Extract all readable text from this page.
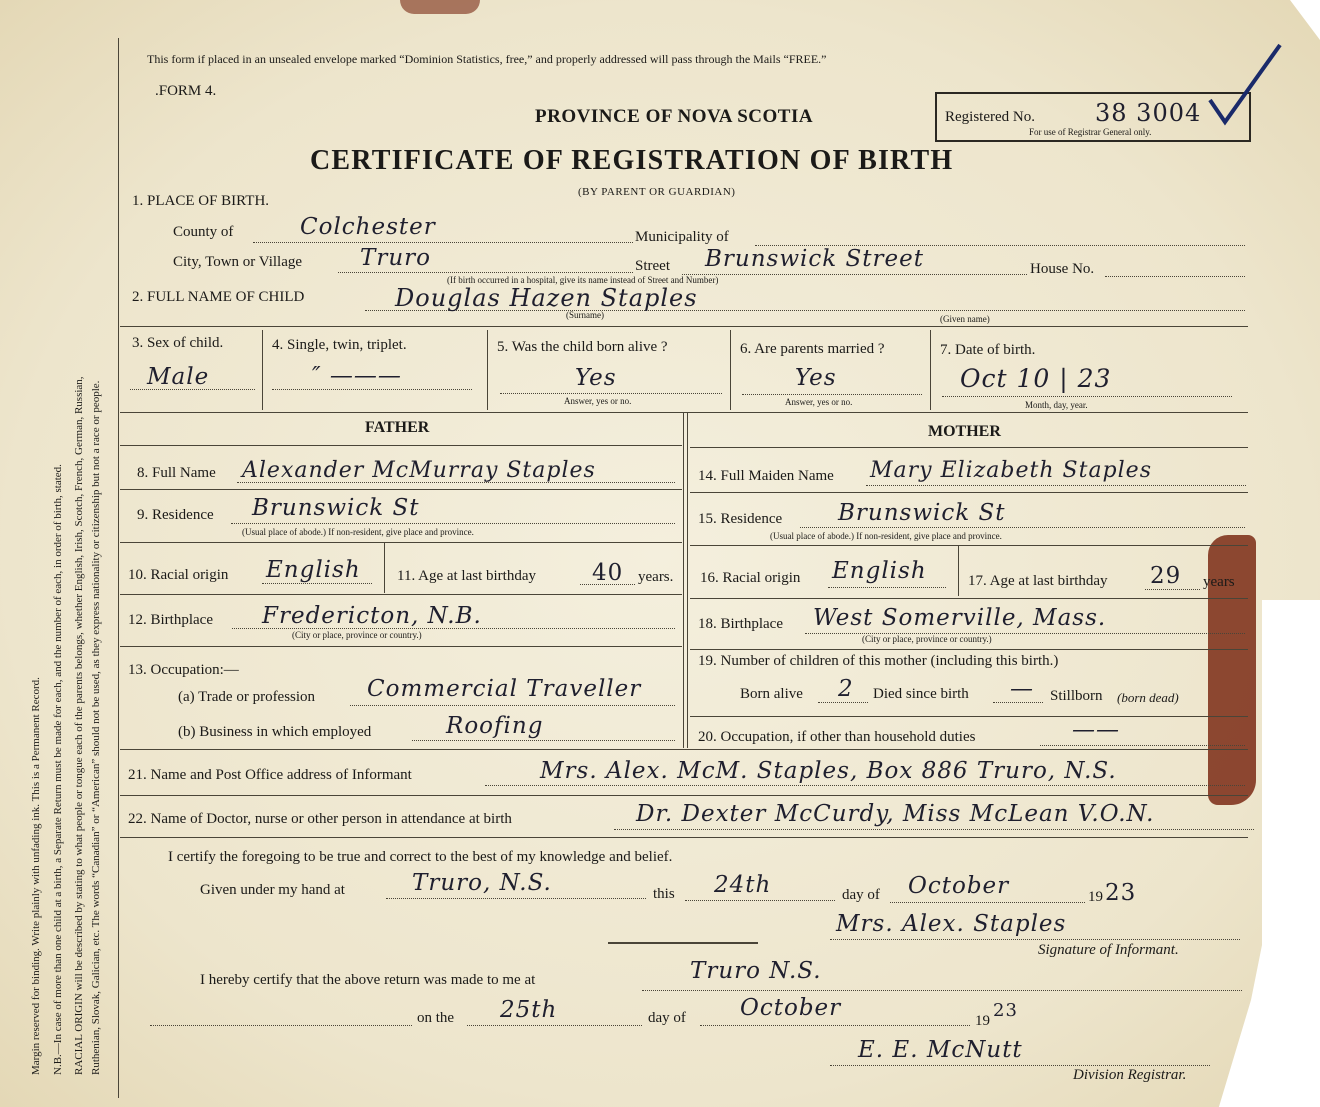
Margin reserved for binding. Write plainly with unfading ink. This is a Permanent Record. N.B.—In case of more than one child at a birth, a Separate Return must be made for each, and the number of each, in order of birth, stated. RACIAL ORIGIN will be described by stating to what people or tongue each of the parents belongs, whether English, Irish, Scotch, French, German, Russian, Ruthenian, Slovak, Galician, etc. The words “Canadian” or “American” should not be used, as they express nationality or citizenship but not a race or people.
This form if placed in an unsealed envelope marked “Dominion Statistics, free,” and properly addressed will pass through the Mails “FREE.”
.FORM 4.
PROVINCE OF NOVA SCOTIA
CERTIFICATE OF REGISTRATION OF BIRTH
(BY PARENT OR GUARDIAN)
Registered No.	38 3004
For use of Registrar General only.
1. PLACE OF BIRTH.
County of	Colchester	Municipality of
City, Town or Village	Truro
(If birth occurred in a hospital, give its name instead of Street and Number)
Street Brunswick Street	House No.
2. FULL NAME OF CHILD	Douglas Hazen Staples
(Surname)	(Given name)
3. Sex of child.
Male
4. Single, twin, triplet.
″ ———
5. Was the child born alive ?
Yes
Answer, yes or no.
6. Are parents married ?
Yes
Answer, yes or no.
7. Date of birth.
Oct 10 | 23
Month, day, year.
FATHER
8. Full Name Alexander McMurray Staples
9. Residence Brunswick St
(Usual place of abode.) If non-resident, give place and province.
10. Racial origin English 11. Age at last birthday 40 years.
12. Birthplace Fredericton, N.B.
(City or place, province or country.)
13. Occupation:—
(a) Trade or profession Commercial Traveller
(b) Business in which employed	Roofing
MOTHER
14. Full Maiden Name Mary Elizabeth Staples
15. Residence Brunswick St
(Usual place of abode.) If non-resident, give place and province.
16. Racial origin English	17. Age at last birthday 29 years
18. Birthplace West Somerville, Mass.
(City or place, province or country.)
19. Number of children of this mother (including this birth.)
Born alive 2 Died since birth — Stillborn (born dead)
20. Occupation, if other than household duties	——
21. Name and Post Office address of Informant	Mrs. Alex. McM. Staples, Box 886 Truro, N.S.
22. Name of Doctor, nurse or other person in attendance at birth	Dr. Dexter McCurdy, Miss McLean V.O.N.
I certify the foregoing to be true and correct to the best of my knowledge and belief.
Given under my hand at	Truro, N.S.	this 24th	day of October	19 23
Mrs. Alex. Staples
Signature of Informant.
I hereby certify that the above return was made to me at	Truro N.S.
on the 25th	day of October	19 23
E. E. McNutt
Division Registrar.
